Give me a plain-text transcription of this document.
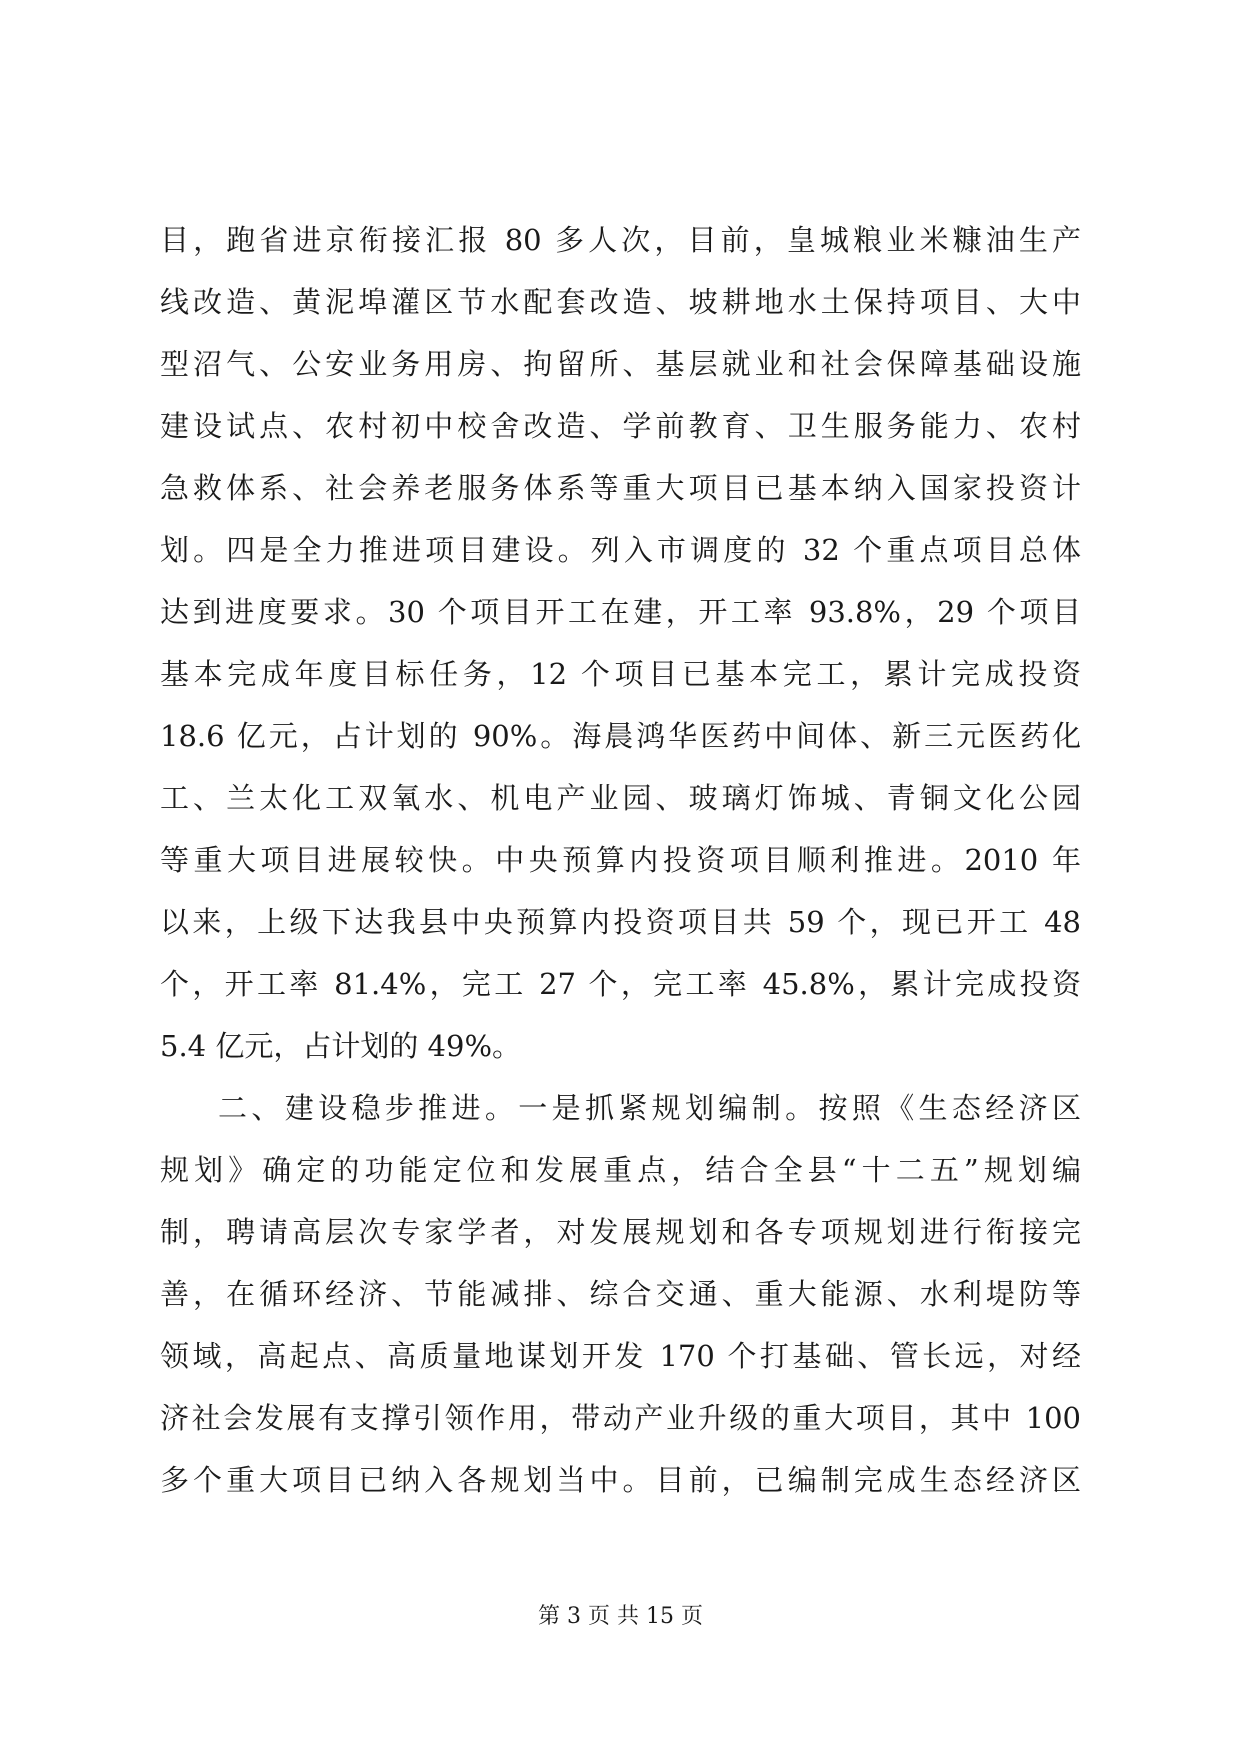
目，跑省进京衔接汇报 80 多人次，目前，皇城粮业米糠油生产
线改造、黄泥埠灌区节水配套改造、坡耕地水土保持项目、大中
型沼气、公安业务用房、拘留所、基层就业和社会保障基础设施
建设试点、农村初中校舍改造、学前教育、卫生服务能力、农村
急救体系、社会养老服务体系等重大项目已基本纳入国家投资计
划。四是全力推进项目建设。列入市调度的 32 个重点项目总体
达到进度要求。30 个项目开工在建，开工率 93.8%，29 个项目
基本完成年度目标任务，12 个项目已基本完工，累计完成投资
18.6 亿元，占计划的 90%。海晨鸿华医药中间体、新三元医药化
工、兰太化工双氧水、机电产业园、玻璃灯饰城、青铜文化公园
等重大项目进展较快。中央预算内投资项目顺利推进。2010 年
以来，上级下达我县中央预算内投资项目共 59 个，现已开工 48
个，开工率 81.4%，完工 27 个，完工率 45.8%，累计完成投资
5.4 亿元，占计划的 49%。
二、建设稳步推进。一是抓紧规划编制。按照《生态经济区
规划》确定的功能定位和发展重点，结合全县“十二五”规划编
制，聘请高层次专家学者，对发展规划和各专项规划进行衔接完
善，在循环经济、节能减排、综合交通、重大能源、水利堤防等
领域，高起点、高质量地谋划开发 170 个打基础、管长远，对经
济社会发展有支撑引领作用，带动产业升级的重大项目，其中 100
多个重大项目已纳入各规划当中。目前，已编制完成生态经济区
第 3 页 共 15 页
